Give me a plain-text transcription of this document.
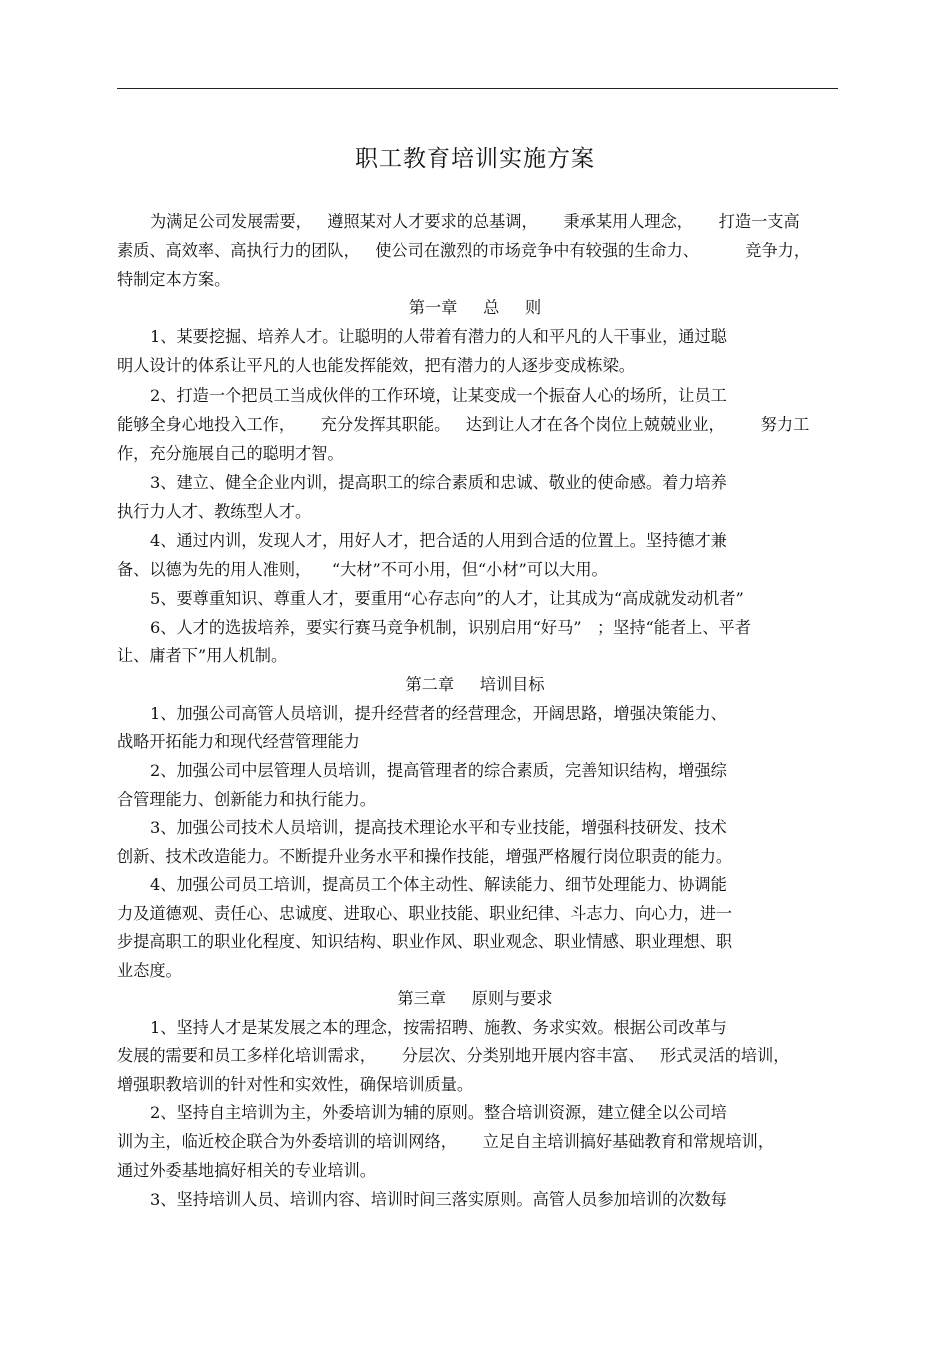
职工教育培训实施方案
为满足公司发展需要，   遵照某对人才要求的总基调，     秉承某用人理念，     打造一支高
素质、高效率、高执行力的团队，   使公司在激烈的市场竞争中有较强的生命力、         竞争力，
特制定本方案。
第一章     总     则
1、某要挖掘、培养人才。让聪明的人带着有潜力的人和平凡的人干事业，通过聪
明人设计的体系让平凡的人也能发挥能效，把有潜力的人逐步变成栋梁。
2、打造一个把员工当成伙伴的工作环境，让某变成一个振奋人心的场所，让员工
能够全身心地投入工作，     充分发挥其职能。   达到让人才在各个岗位上兢兢业业，       努力工
作，充分施展自己的聪明才智。
3、建立、健全企业内训，提高职工的综合素质和忠诚、敬业的使命感。着力培养
执行力人才、教练型人才。
4、通过内训，发现人才，用好人才，把合适的人用到合适的位置上。坚持德才兼
备、以德为先的用人准则，    “大材”不可小用，但“小材”可以大用。
5、要尊重知识、尊重人才，要重用“心存志向”的人才，让其成为“高成就发动机者”
6、人才的选拔培养，要实行赛马竞争机制，识别启用“好马”   ；坚持“能者上、平者
让、庸者下”用人机制。
第二章     培训目标
1、加强公司高管人员培训，提升经营者的经营理念，开阔思路，增强决策能力、
战略开拓能力和现代经营管理能力
2、加强公司中层管理人员培训，提高管理者的综合素质，完善知识结构，增强综
合管理能力、创新能力和执行能力。
3、加强公司技术人员培训，提高技术理论水平和专业技能，增强科技研发、技术
创新、技术改造能力。不断提升业务水平和操作技能，增强严格履行岗位职责的能力。
4、加强公司员工培训，提高员工个体主动性、解读能力、细节处理能力、协调能
力及道德观、责任心、忠诚度、进取心、职业技能、职业纪律、斗志力、向心力，进一
步提高职工的职业化程度、知识结构、职业作风、职业观念、职业情感、职业理想、职
业态度。
第三章     原则与要求
1、坚持人才是某发展之本的理念，按需招聘、施教、务求实效。根据公司改革与
发展的需要和员工多样化培训需求，     分层次、分类别地开展内容丰富、   形式灵活的培训，
增强职教培训的针对性和实效性，确保培训质量。
2、坚持自主培训为主，外委培训为辅的原则。整合培训资源，建立健全以公司培
训为主，临近校企联合为外委培训的培训网络，     立足自主培训搞好基础教育和常规培训，
通过外委基地搞好相关的专业培训。
3、坚持培训人员、培训内容、培训时间三落实原则。高管人员参加培训的次数每
